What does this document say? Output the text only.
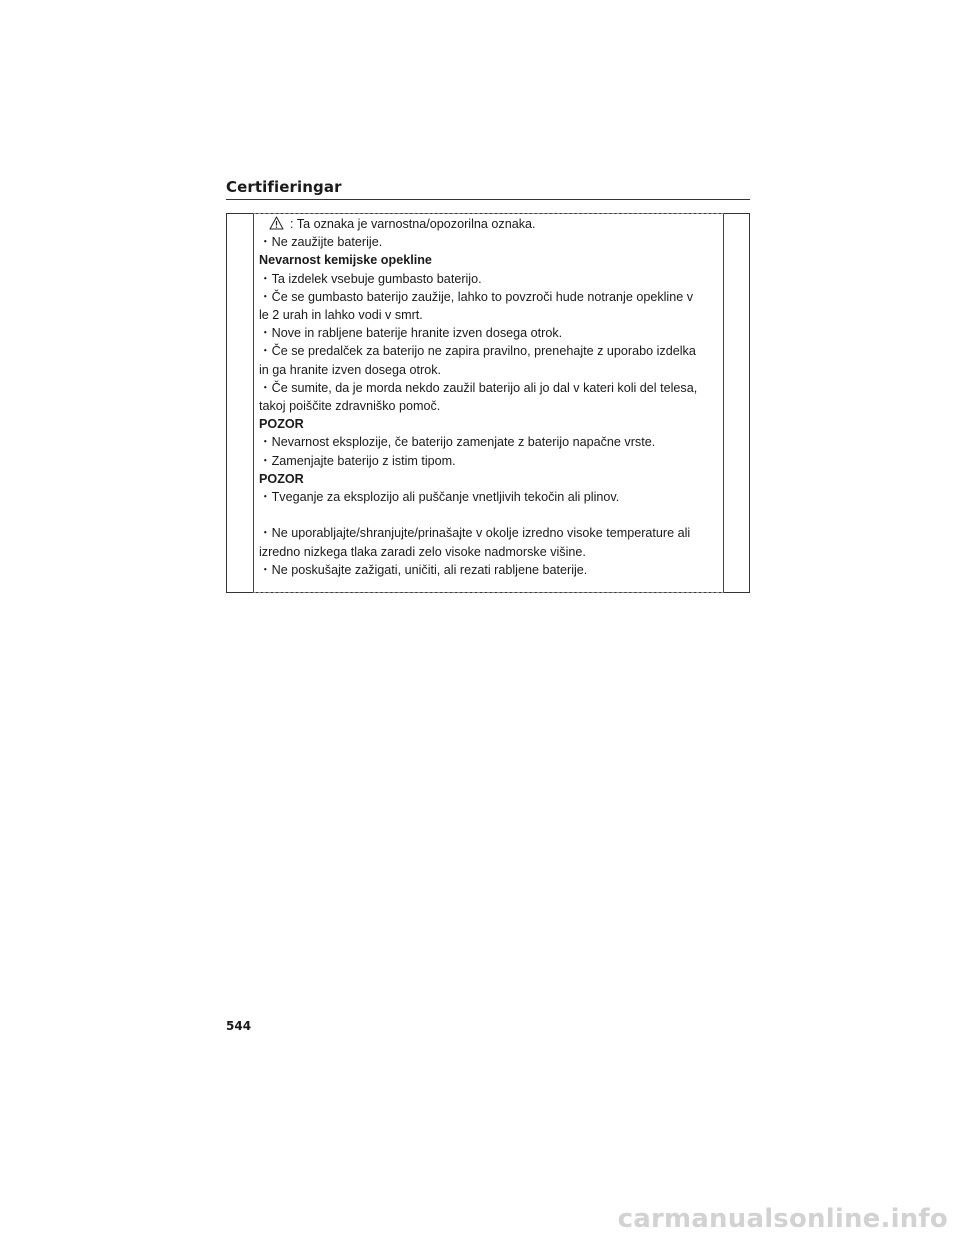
Certifieringar
: Ta oznaka je varnostna/opozorilna oznaka.
・Ne zaužijte baterije.
Nevarnost kemijske opekline
・Ta izdelek vsebuje gumbasto baterijo.
・Če se gumbasto baterijo zaužije, lahko to povzroči hude notranje opekline v
le 2 urah in lahko vodi v smrt.
・Nove in rabljene baterije hranite izven dosega otrok.
・Če se predalček za baterijo ne zapira pravilno, prenehajte z uporabo izdelka
in ga hranite izven dosega otrok.
・Če sumite, da je morda nekdo zaužil baterijo ali jo dal v kateri koli del telesa,
takoj poiščite zdravniško pomoč.
POZOR
・Nevarnost eksplozije, če baterijo zamenjate z baterijo napačne vrste.
・Zamenjajte baterijo z istim tipom.
POZOR
・Tveganje za eksplozijo ali puščanje vnetljivih tekočin ali plinov.
・Ne uporabljajte/shranjujte/prinašajte v okolje izredno visoke temperature ali
izredno nizkega tlaka zaradi zelo visoke nadmorske višine.
・Ne poskušajte zažigati, uničiti, ali rezati rabljene baterije.
544
carmanualsonline.info
